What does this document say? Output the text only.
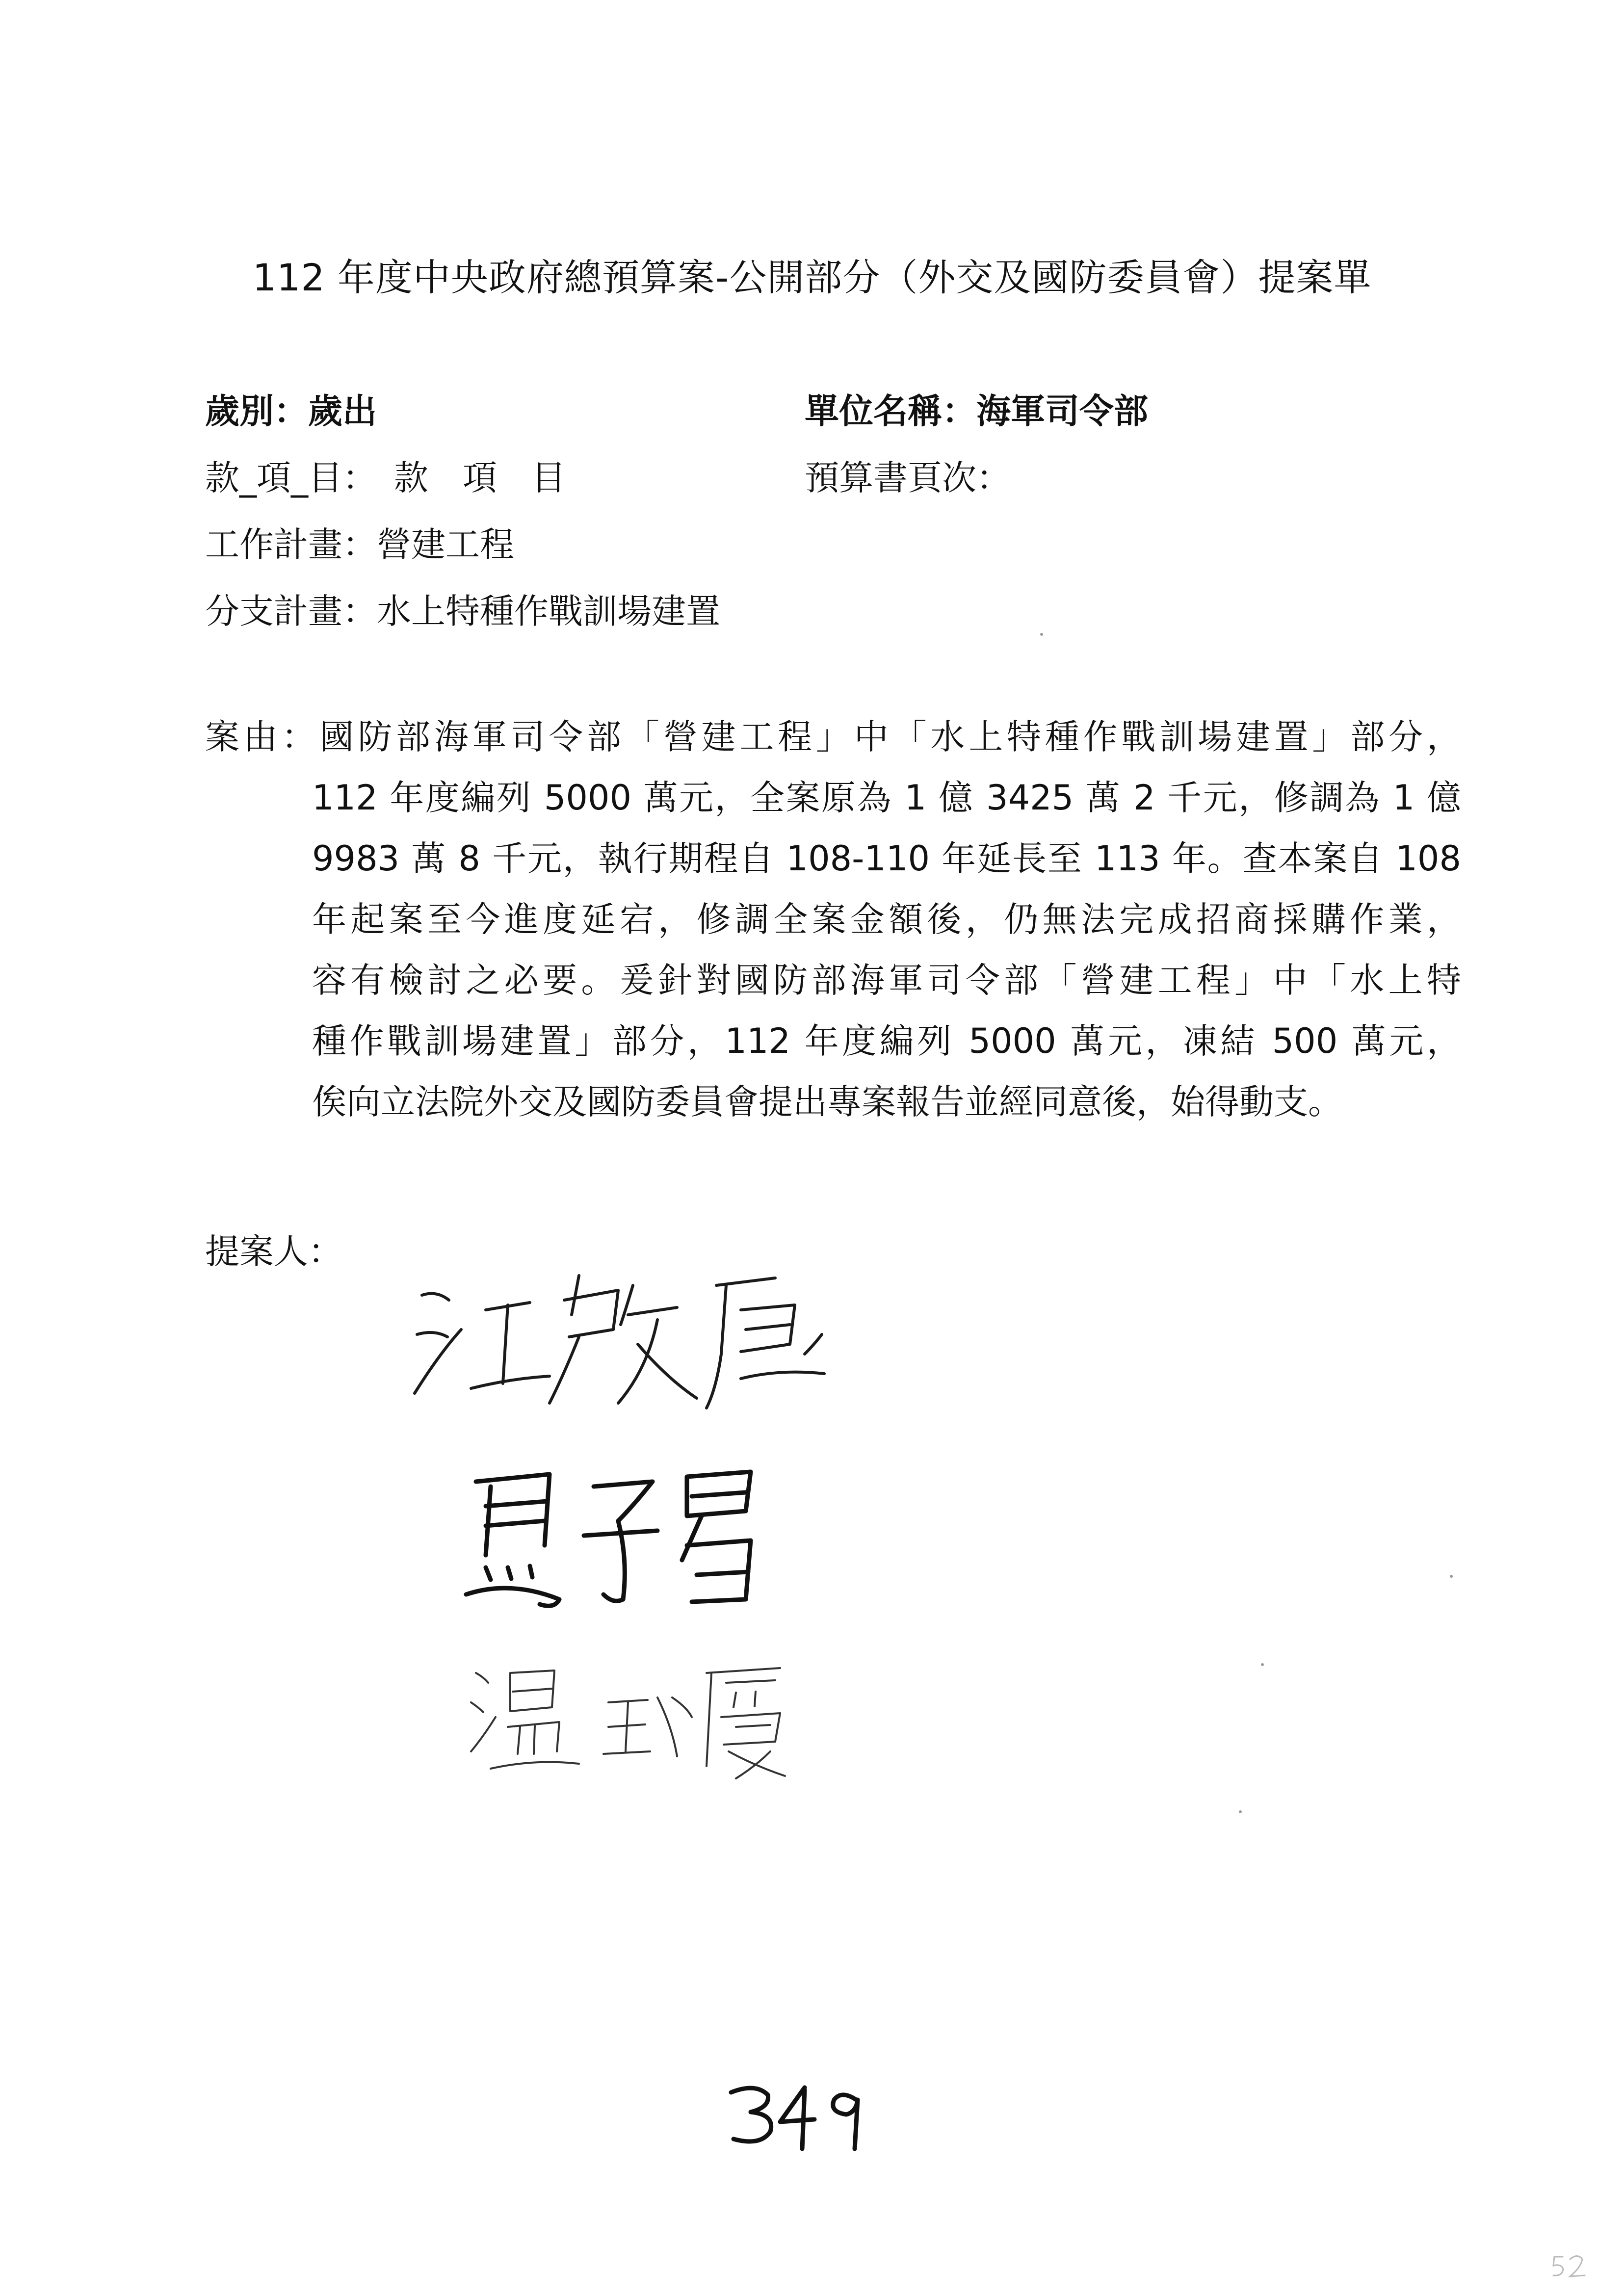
112 年度中央政府總預算案-公開部分（外交及國防委員會）提案單
歲別：歲出	單位名稱：海軍司令部
款_項_目：　款　項　目	預算書頁次：
工作計畫：營建工程
分支計畫：水上特種作戰訓場建置
案由：國防部海軍司令部「營建工程」中「水上特種作戰訓場建置」部分，
112 年度編列 5000 萬元，全案原為 1 億 3425 萬 2 千元，修調為 1 億
9983 萬 8 千元，執行期程自 108-110 年延長至 113 年。查本案自 108
年起案至今進度延宕，修調全案金額後，仍無法完成招商採購作業，
容有檢討之必要。爰針對國防部海軍司令部「營建工程」中「水上特
種作戰訓場建置」部分，112 年度編列 5000 萬元，凍結 500 萬元，
俟向立法院外交及國防委員會提出專案報告並經同意後，始得動支。
提案人：
